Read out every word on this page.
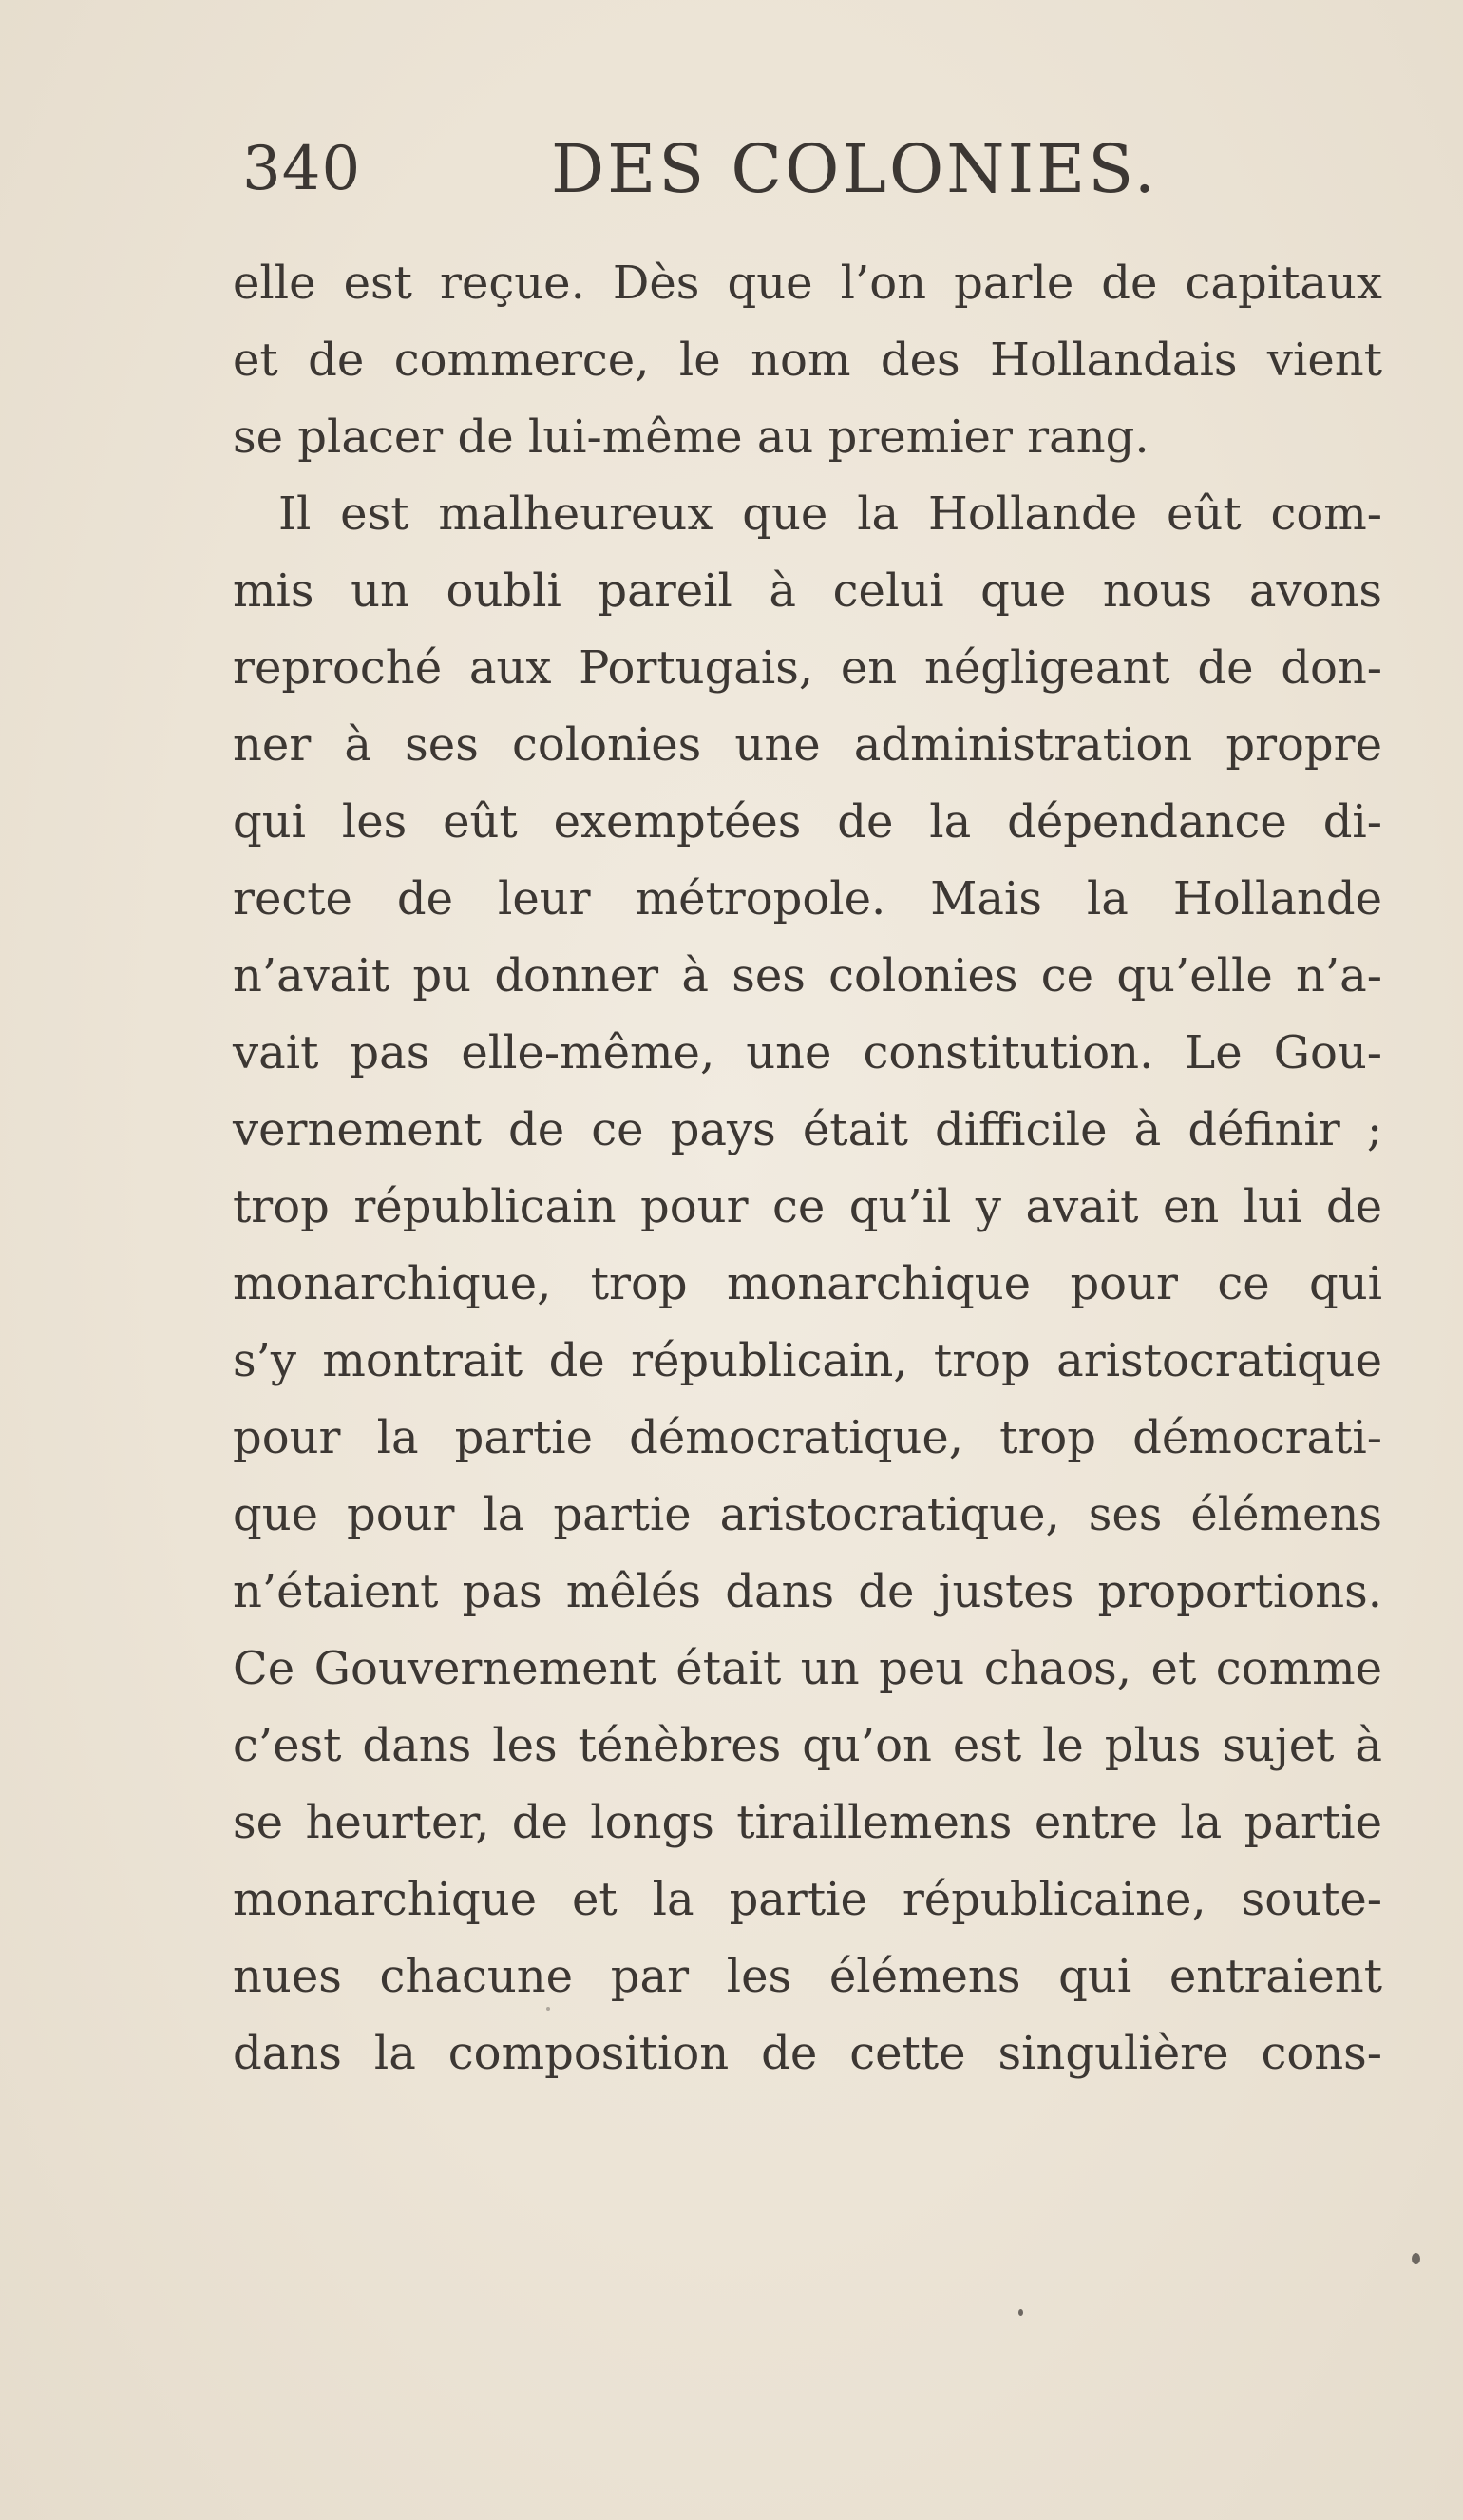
340	DES COLONIES.
elle est reçue. Dès que l’on parle de capitaux
et de commerce, le nom des Hollandais vient
se placer de lui-même au premier rang.
Il est malheureux que la Hollande eût com-
mis un oubli pareil à celui que nous avons
reproché aux Portugais, en négligeant de don-
ner à ses colonies une administration propre
qui les eût exemptées de la dépendance di-
recte de leur métropole. Mais la Hollande
n’avait pu donner à ses colonies ce qu’elle n’a-
vait pas elle-même, une constitution. Le Gou-
vernement de ce pays était difficile à définir ;
trop républicain pour ce qu’il y avait en lui de
monarchique, trop monarchique pour ce qui
s’y montrait de républicain, trop aristocratique
pour la partie démocratique, trop démocrati-
que pour la partie aristocratique, ses élémens
n’étaient pas mêlés dans de justes proportions.
Ce Gouvernement était un peu chaos, et comme
c’est dans les ténèbres qu’on est le plus sujet à
se heurter, de longs tiraillemens entre la partie
monarchique et la partie républicaine, soute-
nues chacune par les élémens qui entraient
dans la composition de cette singulière cons-
